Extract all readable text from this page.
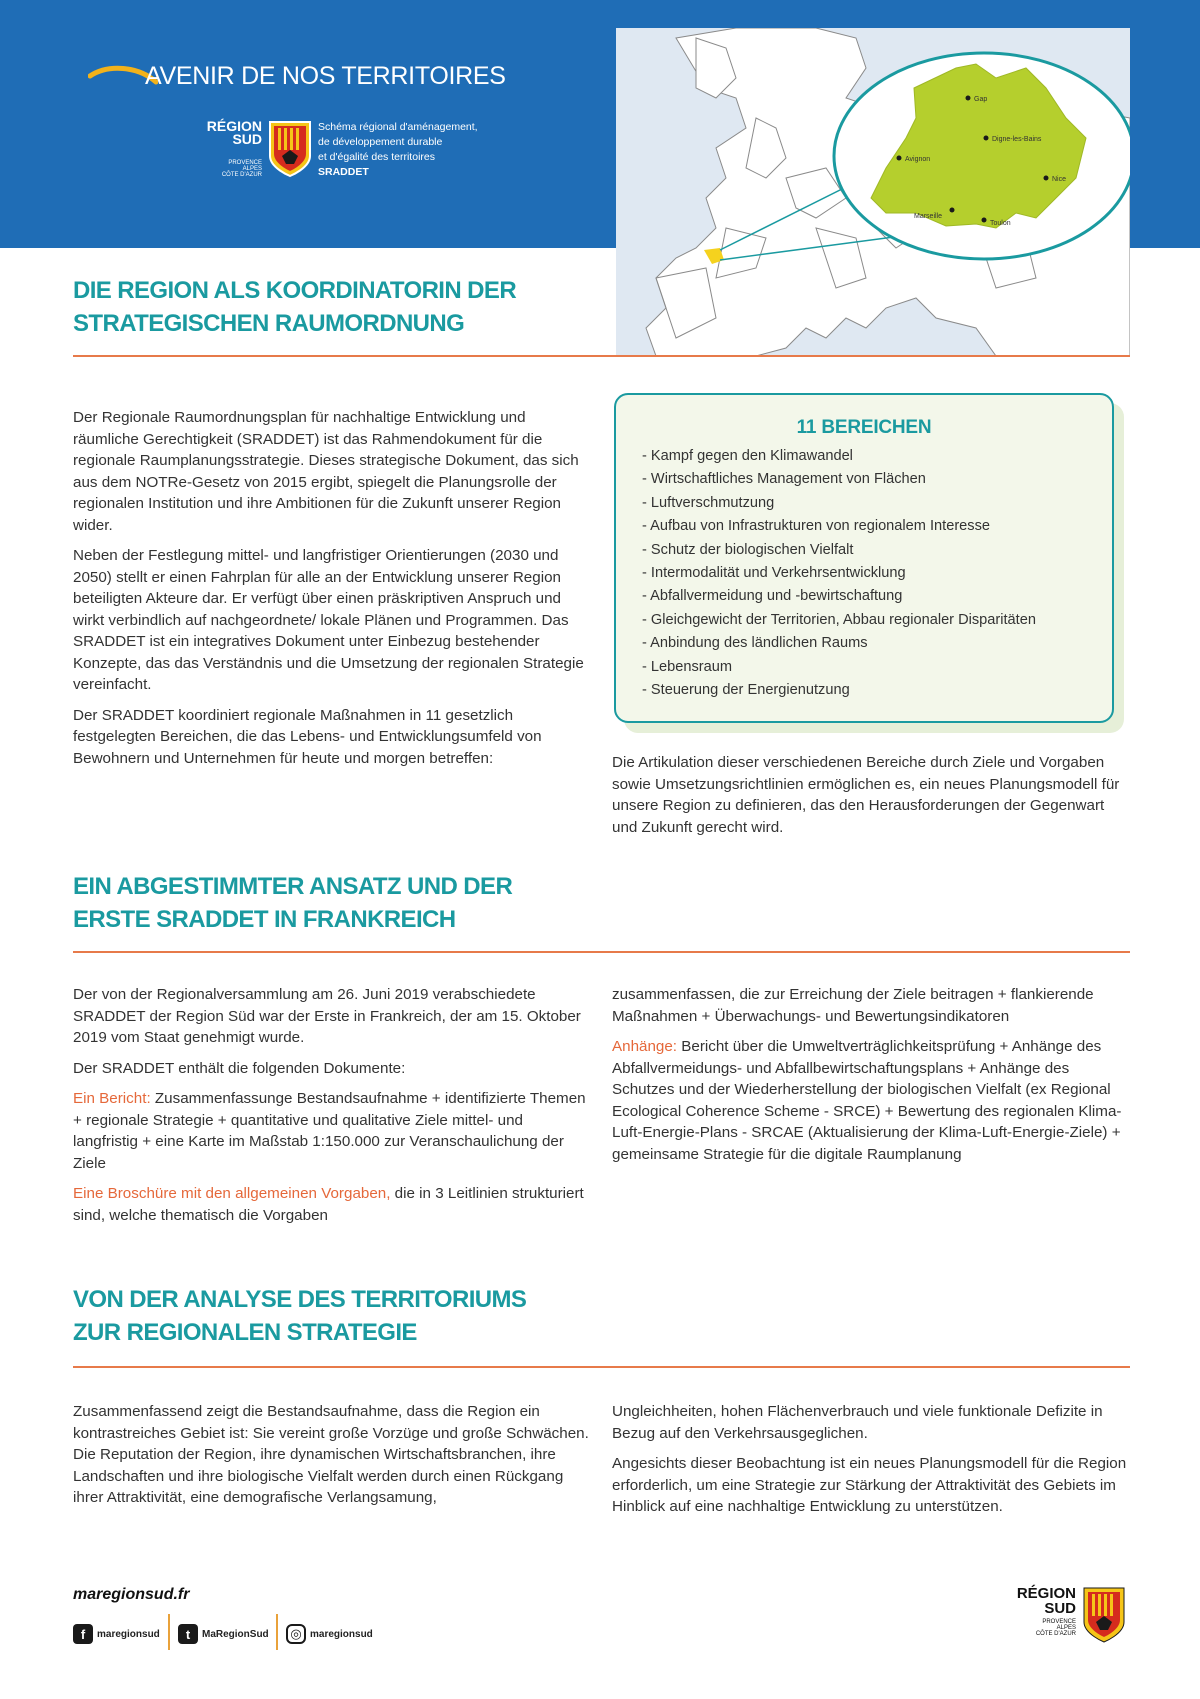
AVENIR DE NOS TERRITOIRES
RÉGION
SUD
PROVENCE
ALPES
CÔTE D'AZUR
Schéma régional d'aménagement,
de développement durable
et d'égalité des territoires
SRADDET
Gap
Digne-les-Bains
Avignon
Nice
Marseille
Toulon
DIE REGION ALS KOORDINATORIN DER
STRATEGISCHEN RAUMORDNUNG

Der Regionale Raumordnungsplan für nachhaltige Entwicklung und räumliche Gerechtigkeit (SRADDET) ist das Rahmendokument für die regionale Raumplanungsstrategie. Dieses strategische Dokument, das sich aus dem NOTRe-Gesetz von 2015 ergibt, spiegelt die Planungsrolle der regionalen Institution und ihre Ambitionen für die Zukunft unserer Region wider.

Neben der Festlegung mittel- und langfristiger Orientierungen (2030 und 2050) stellt er einen Fahrplan für alle an der Entwicklung unserer Region beteiligten Akteure dar. Er verfügt über einen präskriptiven Anspruch und wirkt verbindlich auf nachgeordnete/ lokale Plänen und Programmen. Das SRADDET ist ein integratives Dokument unter Einbezug bestehender Konzepte, das das Verständnis und die Umsetzung der regionalen Strategie vereinfacht.

Der SRADDET koordiniert regionale Maßnahmen in 11 gesetzlich festgelegten Bereichen, die das Lebens- und Entwicklungsumfeld von Bewohnern und Unternehmen für heute und morgen betreffen:

11 BEREICHEN
- Kampf gegen den Klimawandel
- Wirtschaftliches Management von Flächen
- Luftverschmutzung
- Aufbau von Infrastrukturen von regionalem Interesse
- Schutz der biologischen Vielfalt
- Intermodalität und Verkehrsentwicklung
- Abfallvermeidung und -bewirtschaftung
- Gleichgewicht der Territorien, Abbau regionaler Disparitäten
- Anbindung des ländlichen Raums
- Lebensraum
- Steuerung der Energienutzung

Die Artikulation dieser verschiedenen Bereiche durch Ziele und Vorgaben sowie Umsetzungsrichtlinien ermöglichen es, ein neues Planungsmodell für unsere Region zu definieren, das den Herausforderungen der Gegenwart und Zukunft gerecht wird.

EIN ABGESTIMMTER ANSATZ UND DER
ERSTE SRADDET IN FRANKREICH

Der von der Regionalversammlung am 26. Juni 2019 verabschiedete SRADDET der Region Süd war der Erste in Frankreich, der am 15. Oktober 2019 vom Staat genehmigt wurde.

Der SRADDET enthält die folgenden Dokumente:

Ein Bericht: Zusammenfassunge Bestandsaufnahme + identifizierte Themen + regionale Strategie + quantitative und qualitative Ziele mittel- und langfristig + eine Karte im Maßstab 1:150.000 zur Veranschaulichung der Ziele

Eine Broschüre mit den allgemeinen Vorgaben, die in 3 Leitlinien strukturiert sind, welche thematisch die Vorgaben

zusammenfassen, die zur Erreichung der Ziele beitragen + flankierende Maßnahmen + Überwachungs- und Bewertungsindikatoren

Anhänge: Bericht über die Umweltverträglichkeitsprüfung + Anhänge des Abfallvermeidungs- und Abfallbewirtschaftungsplans + Anhänge des Schutzes und der Wiederherstellung der biologischen Vielfalt (ex Regional Ecological Coherence Scheme - SRCE) + Bewertung des regionalen Klima-Luft-Energie-Plans - SRCAE (Aktualisierung der Klima-Luft-Energie-Ziele) + gemeinsame Strategie für die digitale Raumplanung

VON DER ANALYSE DES TERRITORIUMS
ZUR REGIONALEN STRATEGIE

Zusammenfassend zeigt die Bestandsaufnahme, dass die Region ein kontrastreiches Gebiet ist: Sie vereint große Vorzüge und große Schwächen. Die Reputation der Region, ihre dynamischen Wirtschaftsbranchen, ihre Landschaften und ihre biologische Vielfalt werden durch einen Rückgang ihrer Attraktivität, eine demografische Verlangsamung,

Ungleichheiten, hohen Flächenverbrauch und viele funktionale Defizite in Bezug auf den Verkehrsausgeglichen.

Angesichts dieser Beobachtung ist ein neues Planungsmodell für die Region erforderlich, um eine Strategie zur Stärkung der Attraktivität des Gebiets im Hinblick auf eine nachhaltige Entwicklung zu unterstützen.

maregionsud.fr
f	maregionsud	t	MaRegionSud	◎ maregionsud
RÉGION
SUD
PROVENCE
ALPES
CÔTE D'AZUR
